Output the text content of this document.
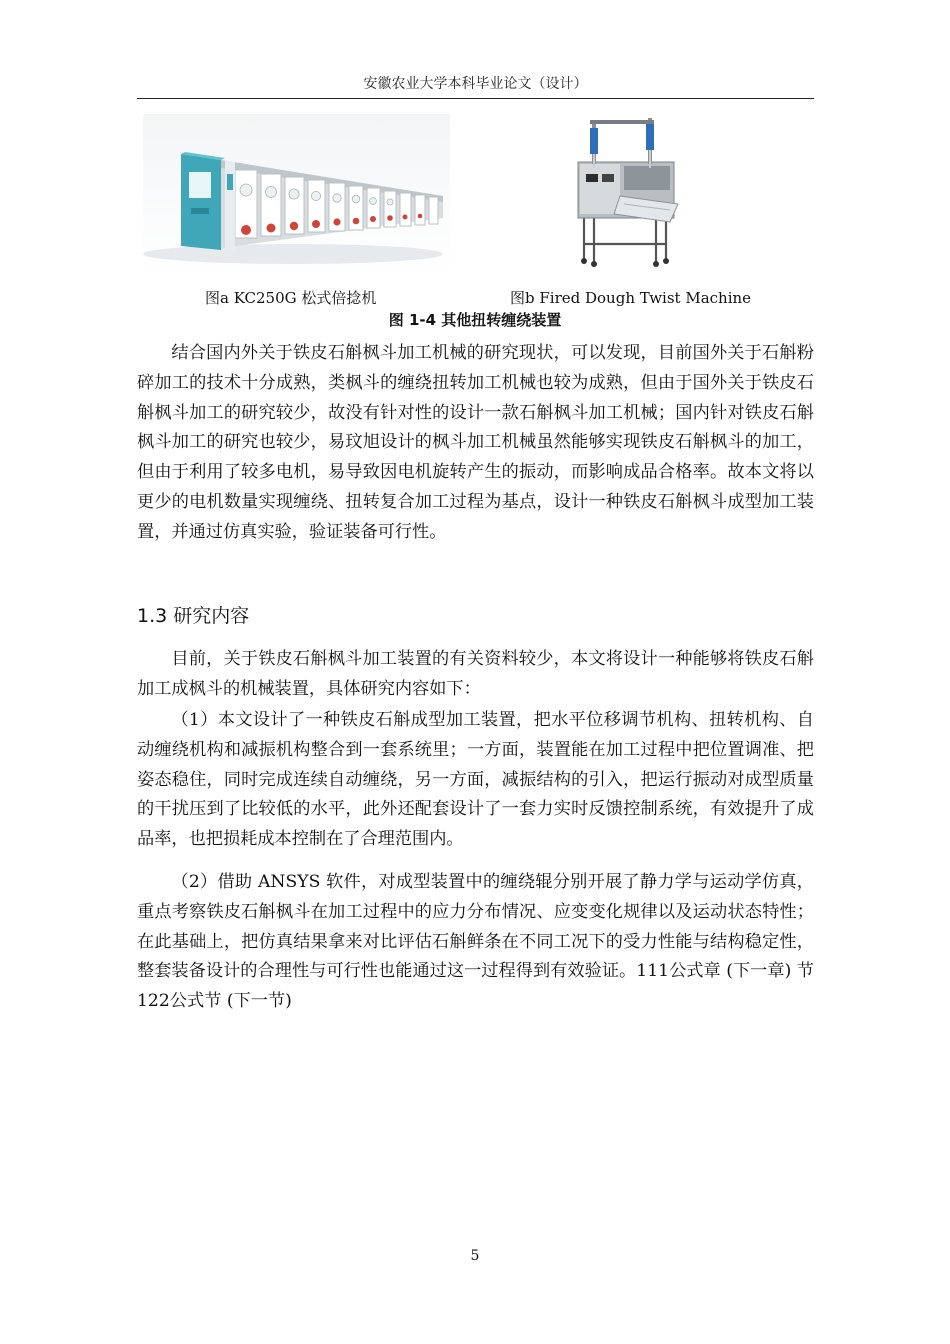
安徽农业大学本科毕业论文（设计）
图a KC250G 松式倍捻机	图b Fired Dough Twist Machine
图 1-4 其他扭转缠绕装置

结合国内外关于铁皮石斛枫斗加工机械的研究现状，可以发现，目前国外关于石斛粉碎加工的技术十分成熟，类枫斗的缠绕扭转加工机械也较为成熟，但由于国外关于铁皮石斛枫斗加工的研究较少，故没有针对性的设计一款石斛枫斗加工机械；国内针对铁皮石斛枫斗加工的研究也较少，易玟旭设计的枫斗加工机械虽然能够实现铁皮石斛枫斗的加工，但由于利用了较多电机，易导致因电机旋转产生的振动，而影响成品合格率。故本文将以更少的电机数量实现缠绕、扭转复合加工过程为基点，设计一种铁皮石斛枫斗成型加工装置，并通过仿真实验，验证装备可行性。

1.3 研究内容

目前，关于铁皮石斛枫斗加工装置的有关资料较少，本文将设计一种能够将铁皮石斛加工成枫斗的机械装置，具体研究内容如下：

（1）本文设计了一种铁皮石斛成型加工装置，把水平位移调节机构、扭转机构、自动缠绕机构和减振机构整合到一套系统里；一方面，装置能在加工过程中把位置调准、把姿态稳住，同时完成连续自动缠绕，另一方面，减振结构的引入，把运行振动对成型质量的干扰压到了比较低的水平，此外还配套设计了一套力实时反馈控制系统，有效提升了成品率，也把损耗成本控制在了合理范围内。

（2）借助 ANSYS 软件，对成型装置中的缠绕辊分别开展了静力学与运动学仿真，重点考察铁皮石斛枫斗在加工过程中的应力分布情况、应变变化规律以及运动状态特性；在此基础上，把仿真结果拿来对比评估石斛鲜条在不同工况下的受力性能与结构稳定性，整套装备设计的合理性与可行性也能通过这一过程得到有效验证。111公式章 (下一章) 节 122公式节 (下一节)

5
